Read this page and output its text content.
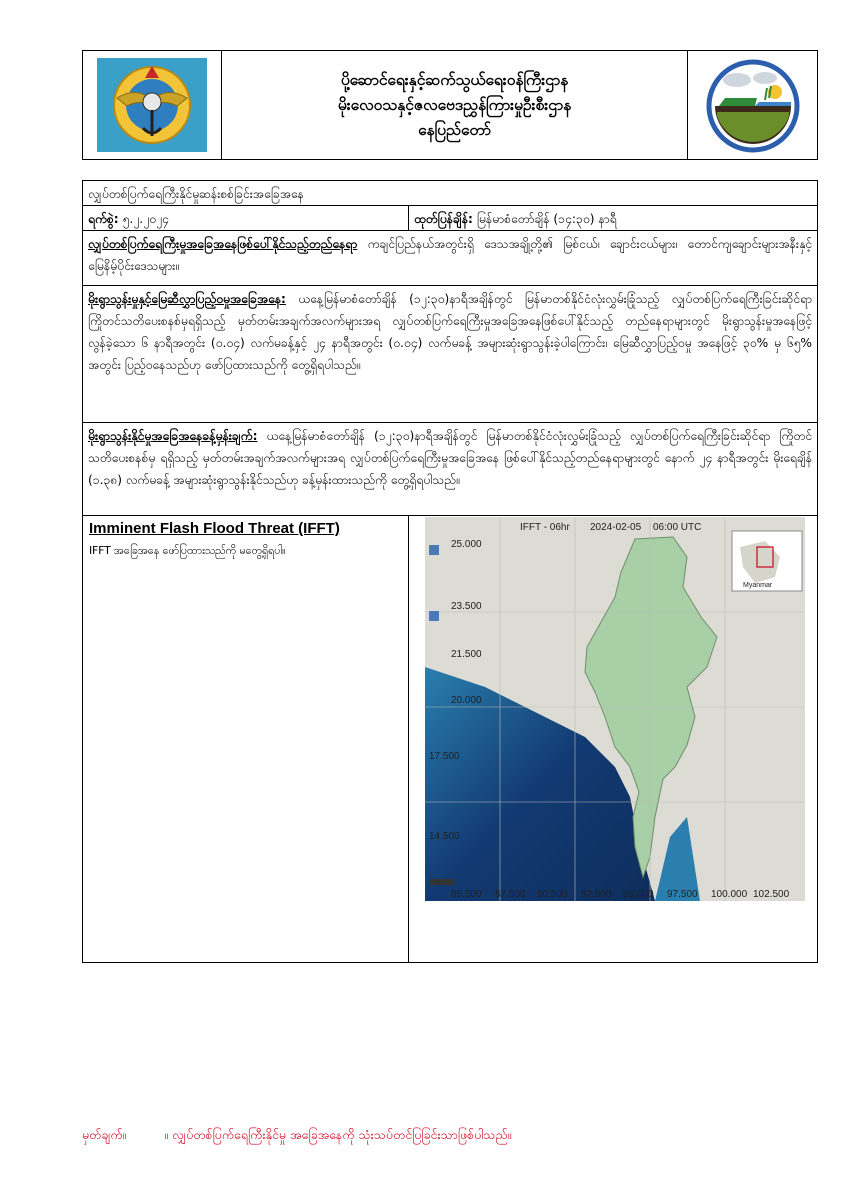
ပို့ဆောင်ရေးနှင့်ဆက်သွယ်ရေးဝန်ကြီးဌာန
မိုးလေဝသနှင့်ဇလဗေဒညွှန်ကြားမှုဦးစီးဌာန
နေပြည်တော်
လျှပ်တစ်ပြက်ရေကြီးနိုင်မှုဆန်းစစ်ခြင်းအခြေအနေ
ရက်စွဲ: ၅.၂.၂၀၂၄	ထုတ်ပြန်ချိန်: မြန်မာစံတော်ချိန် (၁၄:၃၀) နာရီ
လျှပ်တစ်ပြက်ရေကြီးမှုအခြေအနေဖြစ်ပေါ်နိုင်သည့်တည်နေရာ ကချင်ပြည်နယ်အတွင်းရှိ ဒေသအချို့တို့၏ မြစ်ငယ်၊ ချောင်းငယ်များ၊ တောင်ကျချောင်းများအနီးနှင့် မြေနိမ့်ပိုင်းဒေသများ။
မိုးရွာသွန်းမှုနှင့်မြေဆီလွှာပြည့်ဝမှုအခြေအနေ: ယနေ့မြန်မာစံတော်ချိန် (၁၂:၃၀)နာရီအချိန်တွင် မြန်မာတစ်နိုင်ငံလုံးလွှမ်းခြုံသည့် လျှပ်တစ်ပြက်ရေကြီးခြင်းဆိုင်ရာ ကြိုတင်သတိပေးစနစ်မှရရှိသည့် မှတ်တမ်းအချက်အလက်များအရ လျှပ်တစ်ပြက်ရေကြီးမှုအခြေအနေဖြစ်ပေါ်နိုင်သည့် တည်နေရာများတွင် မိုးရွာသွန်းမှုအနေဖြင့် လွန်ခဲ့သော ၆ နာရီအတွင်း (၀.၀၄) လက်မခန့်နှင့် ၂၄ နာရီအတွင်း (၀.၀၄) လက်မခန့် အများဆုံးရွာသွန်းခဲ့ပါကြောင်း၊ မြေဆီလွှာပြည့်ဝမှု အနေဖြင့် ၃၀% မှ ၆၅% အတွင်း ပြည့်ဝနေသည်ဟု ဖော်ပြထားသည်ကို တွေ့ရှိရပါသည်။
မိုးရွာသွန်းနိုင်မှုအခြေအနေခန့်မှန်းချက်: ယနေ့မြန်မာစံတော်ချိန် (၁၂:၃၀)နာရီအချိန်တွင် မြန်မာတစ်နိုင်ငံလုံးလွှမ်းခြုံသည့် လျှပ်တစ်ပြက်ရေကြီးခြင်းဆိုင်ရာ ကြိုတင်သတိပေးစနစ်မှ ရရှိသည့် မှတ်တမ်းအချက်အလက်များအရ လျှပ်တစ်ပြက်ရေကြီးမှုအခြေအနေ ဖြစ်ပေါ်နိုင်သည့်တည်နေရာများတွင် နောက် ၂၄ နာရီအတွင်း မိုးရေချိန် (၁.၃၈) လက်မခန့် အများဆုံးရွာသွန်းနိုင်သည်ဟု ခန့်မှန်းထားသည်ကို တွေ့ရှိရပါသည်။
Imminent Flash Flood Threat (IFFT)
IFFT အခြေအနေ ဖော်ပြထားသည်ကို မတွေ့ရှိရပါ။
IFFT - 06hr 2024-02-05 06:00 UTC
Myanmar
17.500
14.500
85.500 87.500 90.500 92.500 95.000 97.500 100.000 102.500
25.000
23.500
21.500
20.000
မှတ်ချက်။	။ လျှပ်တစ်ပြက်ရေကြီးနိုင်မှု အခြေအနေကို သုံးသပ်တင်ပြခြင်းသာဖြစ်ပါသည်။
